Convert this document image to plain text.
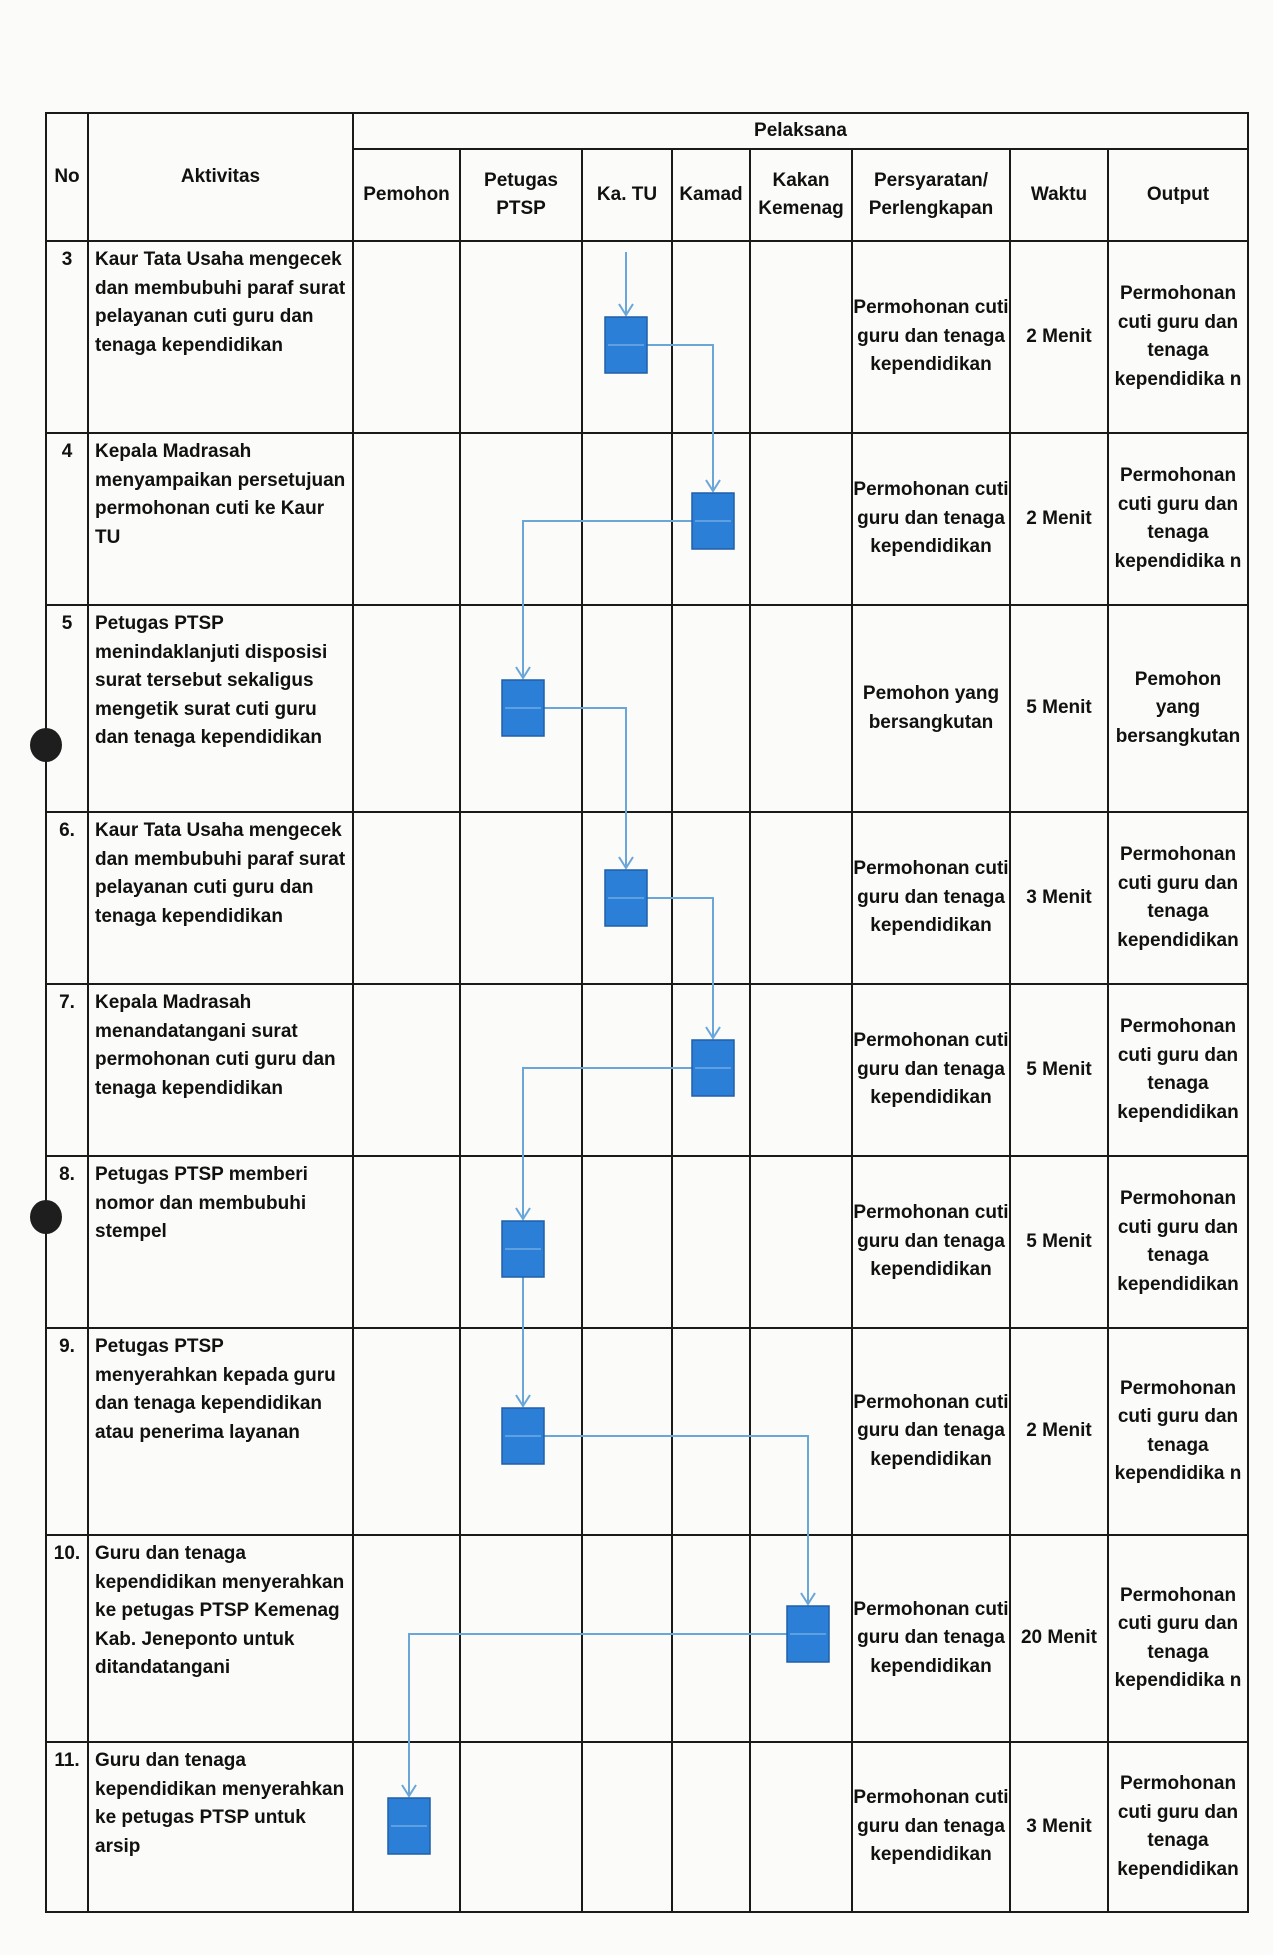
No	Aktivitas	Pelaksana							
		Pemohon	Petugas PTSP	Ka. TU	Kamad	Kakan Kemenag	Persyaratan/ Perlengkapan	Waktu	Output
3	Kaur Tata Usaha mengecek dan membubuhi paraf surat pelayanan cuti guru dan tenaga kependidikan						Permohonan cuti guru dan tenaga kependidikan	2 Menit	Permohonan cuti guru dan tenaga kependidika n
4	Kepala Madrasah menyampaikan persetujuan permohonan cuti ke Kaur TU						Permohonan cuti guru dan tenaga kependidikan	2 Menit	Permohonan cuti guru dan tenaga kependidika n
5	Petugas PTSP menindaklanjuti disposisi surat tersebut sekaligus mengetik surat cuti guru dan tenaga kependidikan						Pemohon yang bersangkutan	5 Menit	Pemohon yang bersangkutan
6.	Kaur Tata Usaha mengecek dan membubuhi paraf surat pelayanan cuti guru dan tenaga kependidikan						Permohonan cuti guru dan tenaga kependidikan	3 Menit	Permohonan cuti guru dan tenaga kependidikan
7.	Kepala Madrasah menandatangani surat permohonan cuti guru dan tenaga kependidikan						Permohonan cuti guru dan tenaga kependidikan	5 Menit	Permohonan cuti guru dan tenaga kependidikan
8.	Petugas PTSP memberi nomor dan membubuhi stempel						Permohonan cuti guru dan tenaga kependidikan	5 Menit	Permohonan cuti guru dan tenaga kependidikan
9.	Petugas PTSP menyerahkan kepada guru dan tenaga kependidikan atau penerima layanan						Permohonan cuti guru dan tenaga kependidikan	2 Menit	Permohonan cuti guru dan tenaga kependidika n
10.	Guru dan tenaga kependidikan menyerahkan ke petugas PTSP Kemenag Kab. Jeneponto untuk ditandatangani						Permohonan cuti guru dan tenaga kependidikan	20 Menit	Permohonan cuti guru dan tenaga kependidika n
11.	Guru dan tenaga kependidikan menyerahkan ke petugas PTSP untuk arsip						Permohonan cuti guru dan tenaga kependidikan	3 Menit	Permohonan cuti guru dan tenaga kependidikan
